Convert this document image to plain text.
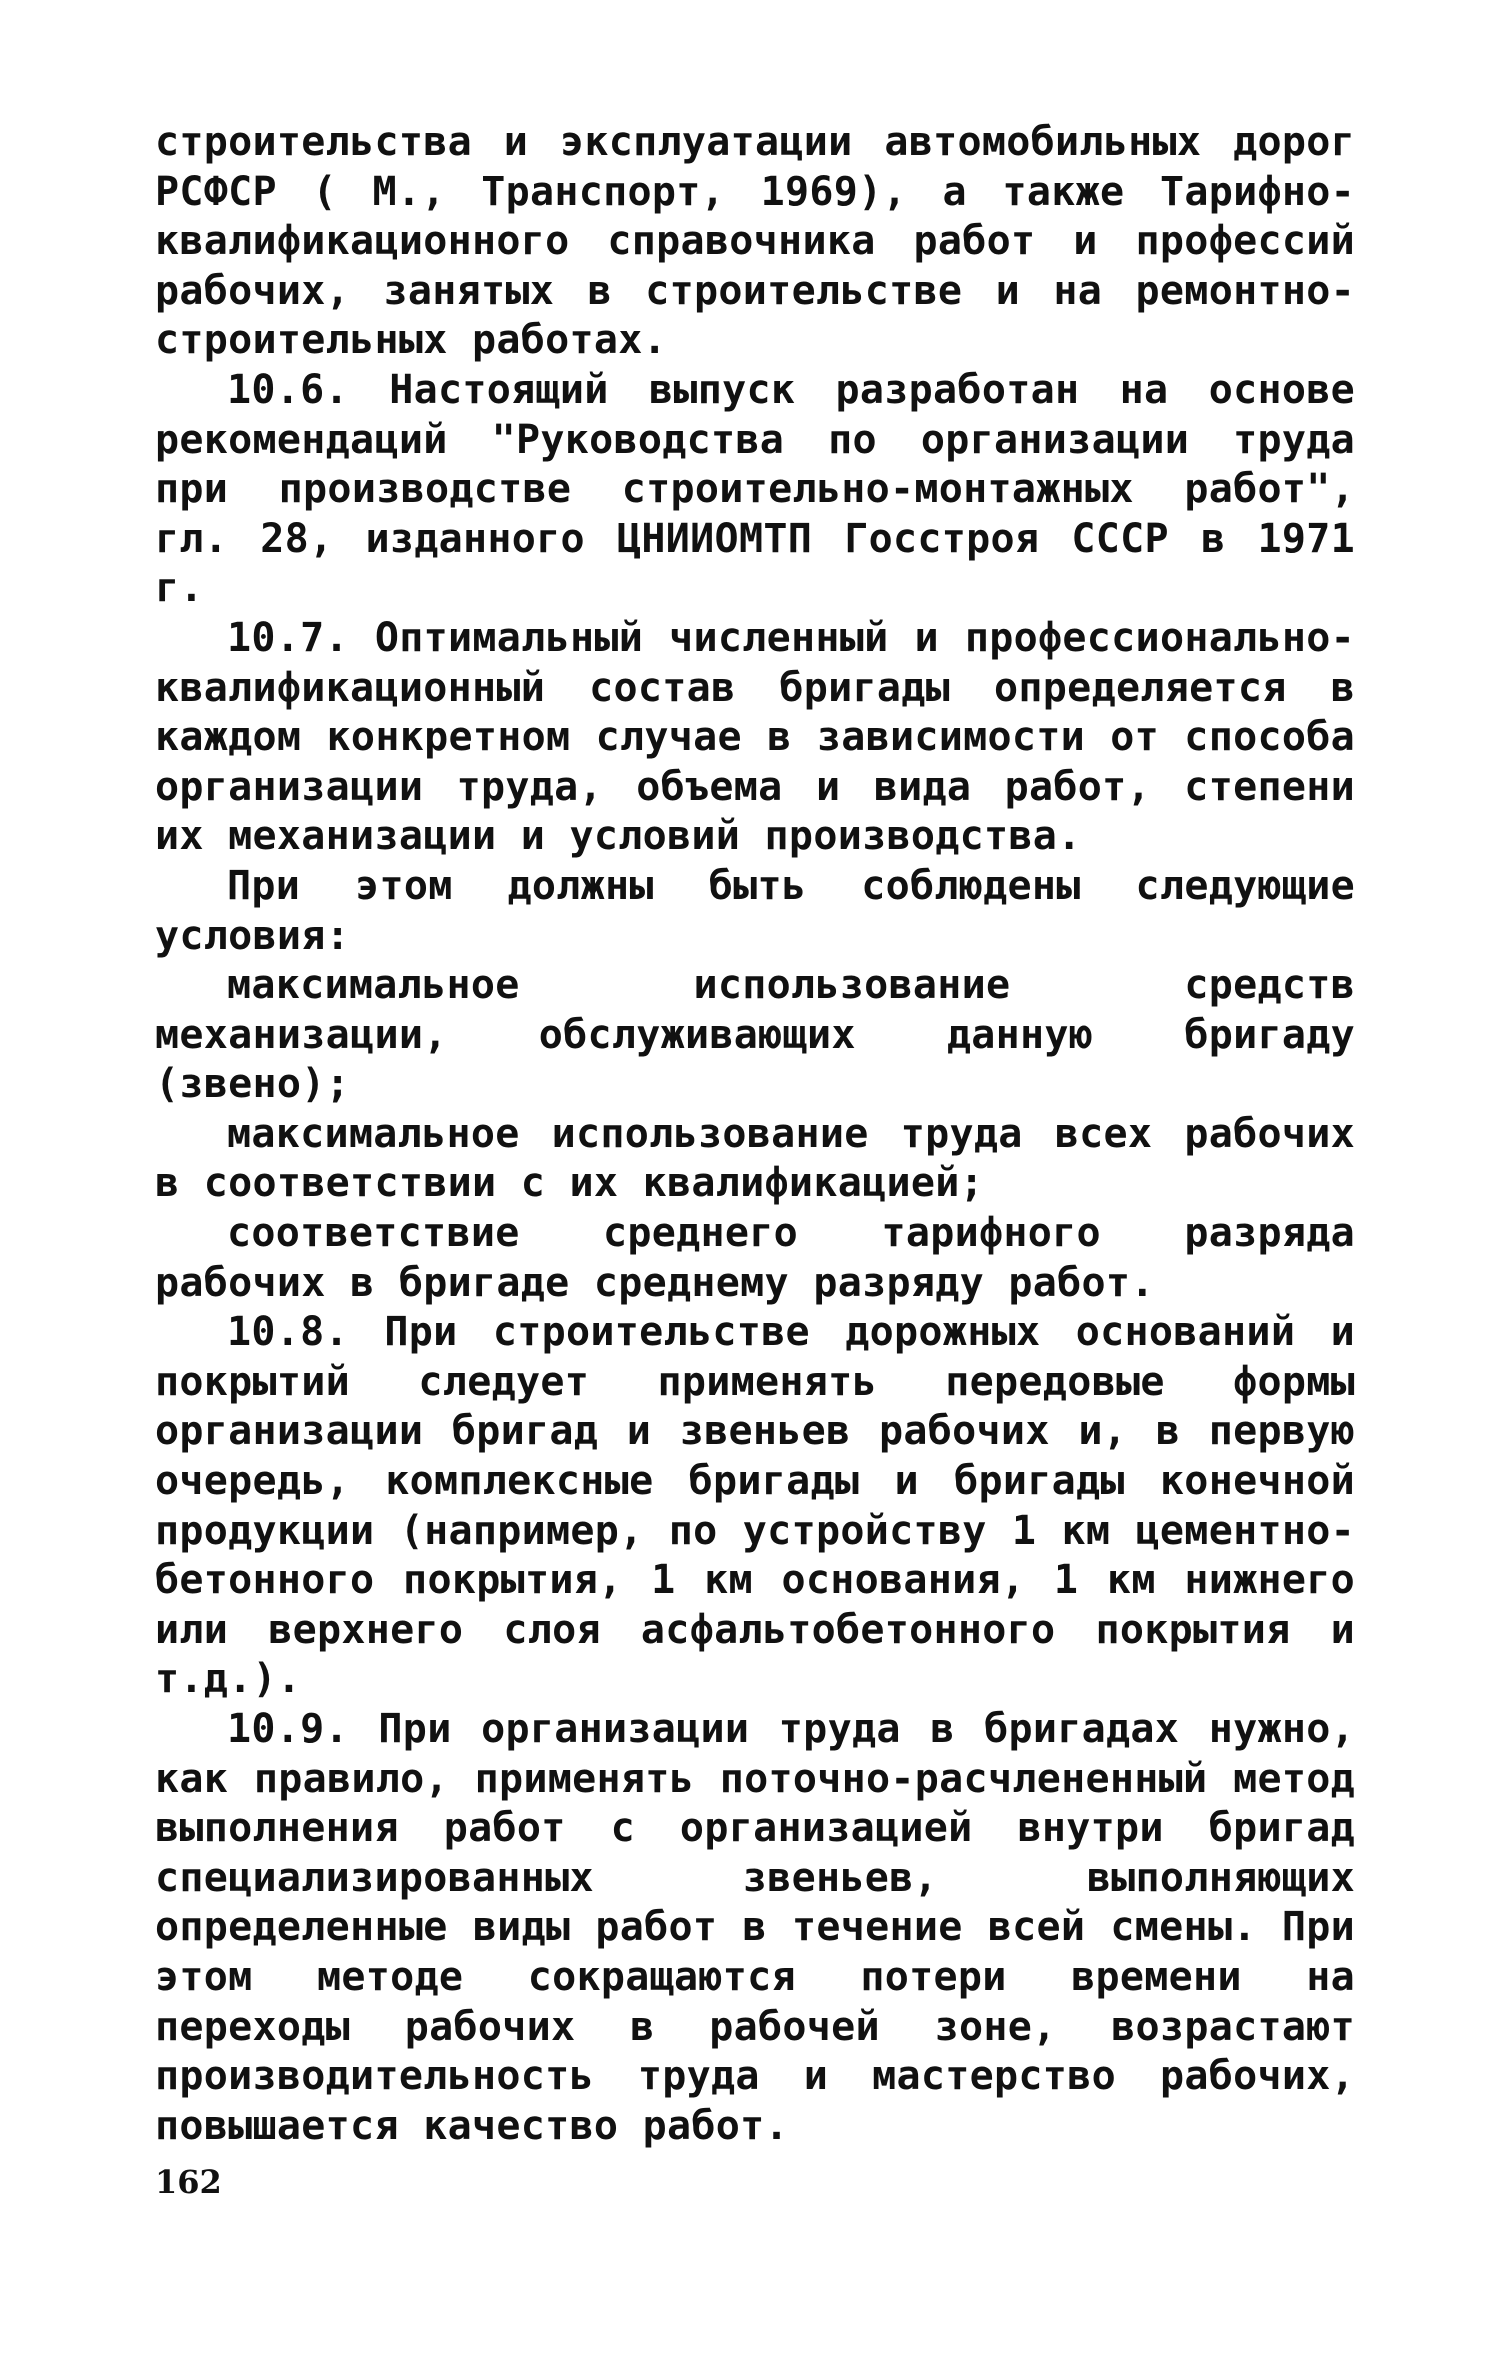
строительства и эксплуатации автомобильных дорог РСФСР ( М., Транспорт, 1969), а также Тарифно-квалификационного справочника работ и профессий рабочих, занятых в строительстве и на ремонтно-строительных работах.

10.6. Настоящий выпуск разработан на основе рекомендаций "Руководства по организации труда при производстве строительно-монтажных работ", гл. 28, изданного ЦНИИОМТП Госстроя СССР в 1971 г.

10.7. Оптимальный численный и профессионально-квалификационный состав бригады определяется в каждом конкретном случае в зависимости от способа организации труда, объема и вида работ, степени их механизации и условий производства.

При этом должны быть соблюдены следующие условия:

максимальное использование средств механизации, обслуживающих данную бригаду (звено);

максимальное использование труда всех рабочих в соответствии с их квалификацией;

соответствие среднего тарифного разряда рабочих в бригаде среднему разряду работ.

10.8. При строительстве дорожных оснований и покрытий следует применять передовые формы организации бригад и звеньев рабочих и, в первую очередь, комплексные бригады и бригады конечной продукции (например, по устройству 1 км цементно-бетонного покрытия, 1 км основания, 1 км нижнего или верхнего слоя асфальтобетонного покрытия и т.д.).

10.9. При организации труда в бригадах нужно, как правило, применять поточно-расчлененный метод выполнения работ с организацией внутри бригад специализированных звеньев, выполняющих определенные виды работ в течение всей смены. При этом методе сокращаются потери времени на переходы рабочих в рабочей зоне, возрастают производительность труда и мастерство рабочих, повышается качество работ.

162
